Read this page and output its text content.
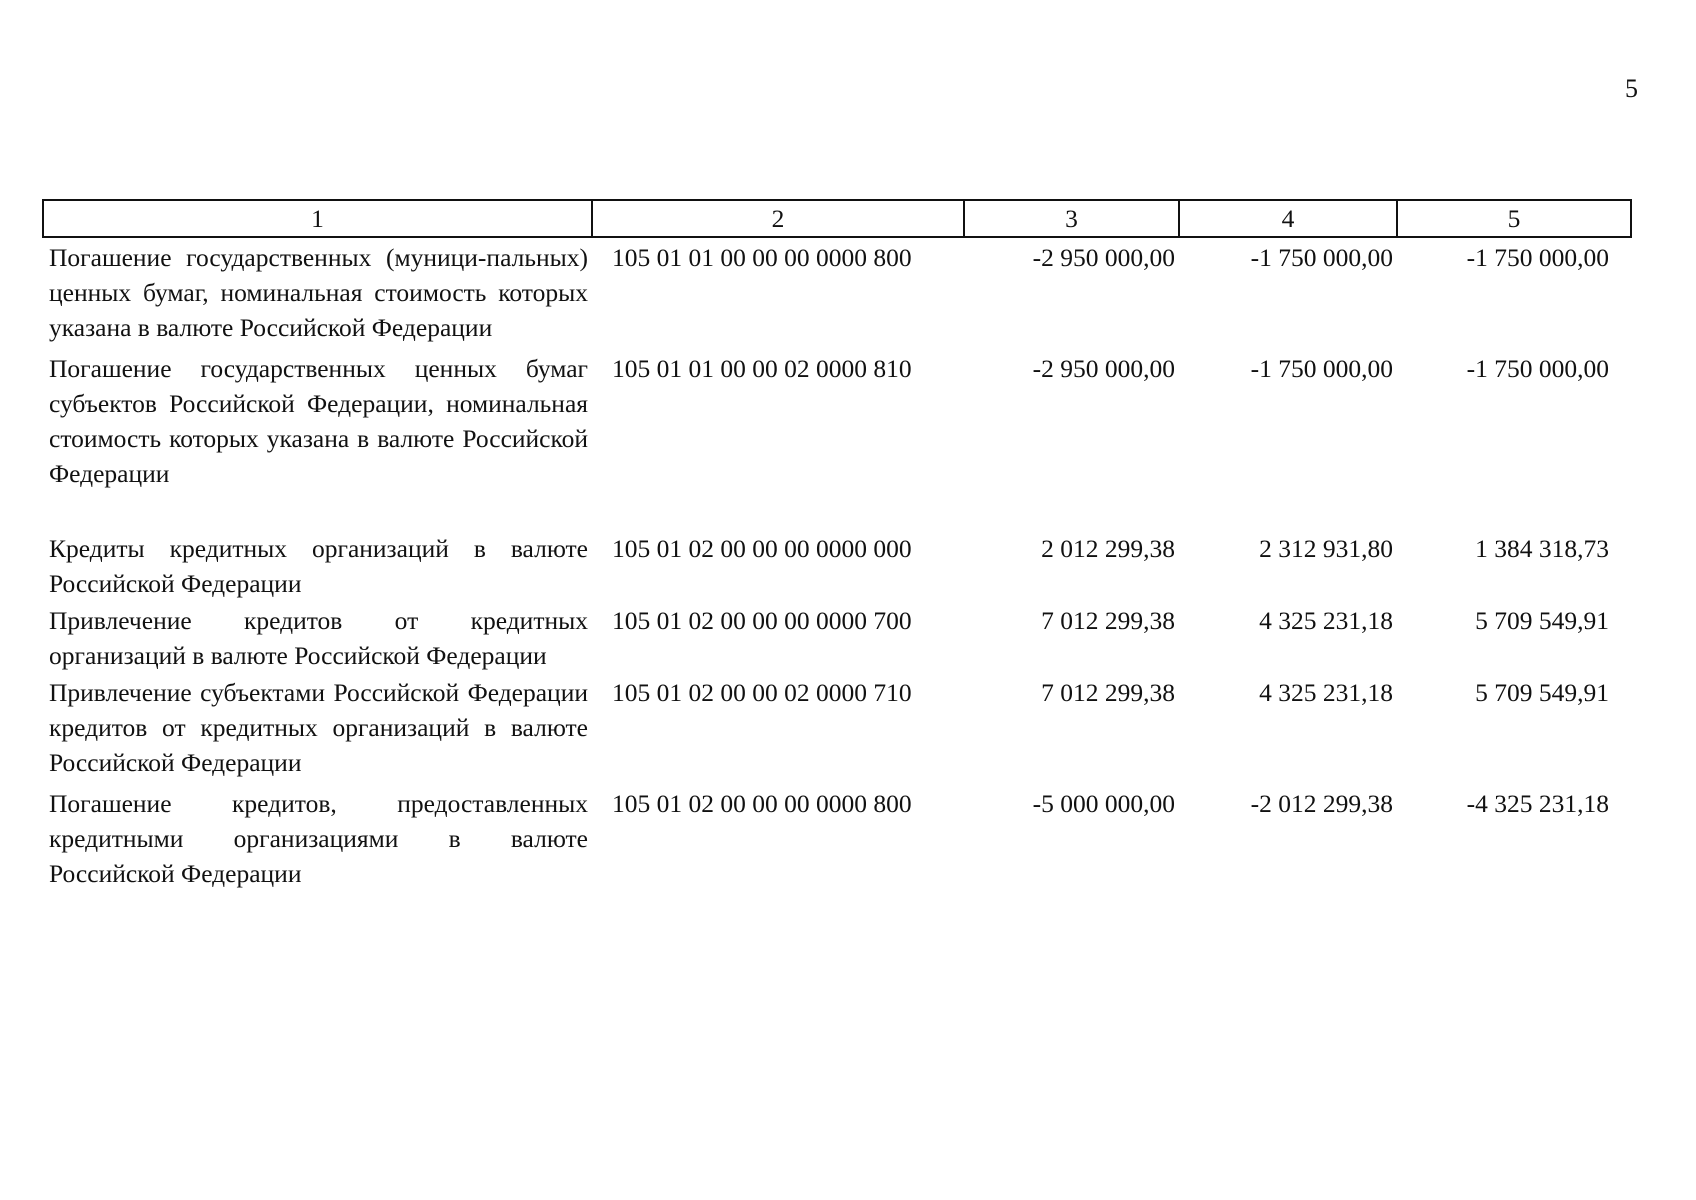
5
1	2	3	4	5
Погашение государственных (муници-пальных) ценных бумаг, номинальная стоимость которых указана в валюте Российской Федерации	105 01 01 00 00 00 0000 800	-2 950 000,00	-1 750 000,00	-1 750 000,00
Погашение государственных ценных бумаг субъектов Российской Федерации, номинальная стоимость которых указана в валюте Российской Федерации	105 01 01 00 00 02 0000 810	-2 950 000,00	-1 750 000,00	-1 750 000,00
Кредиты кредитных организаций в валюте Российской Федерации	105 01 02 00 00 00 0000 000	2 012 299,38	2 312 931,80	1 384 318,73
Привлечение кредитов от кредитных организаций в валюте Российской Федерации	105 01 02 00 00 00 0000 700	7 012 299,38	4 325 231,18	5 709 549,91
Привлечение субъектами Российской Федерации кредитов от кредитных организаций в валюте Российской Федерации	105 01 02 00 00 02 0000 710	7 012 299,38	4 325 231,18	5 709 549,91
Погашение кредитов, предоставленных кредитными организациями в валюте Российской Федерации	105 01 02 00 00 00 0000 800	-5 000 000,00	-2 012 299,38	-4 325 231,18
